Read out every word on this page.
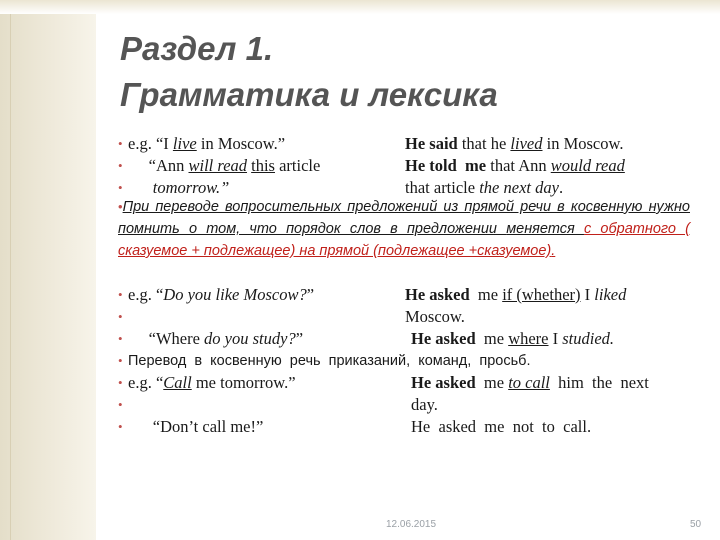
Раздел 1.
Грамматика и лексика
• e.g. “I live in Moscow.”	He said that he lived in Moscow.
• “Ann will read this article	He told  me that Ann would read
• tomorrow.”	that article the next day.
•При переводе вопросительных предложений из прямой речи в косвенную нужно помнить о том, что порядок слов в предложении меняется с обратного ( сказуемое + подлежащее) на прямой (подлежащее +сказуемое).
• e.g. “Do you like Moscow?”	He asked  me if (whether) I liked
•	Moscow.
• “Where do you study?”	He asked  me where I studied.
• Перевод  в  косвенную  речь  приказаний,  команд,  просьб.
• e.g. “Call me tomorrow.”	He asked  me to call  him  the  next
•	day.
• “Don’t call me!”	He  asked  me  not  to  call.
12.06.2015	50
